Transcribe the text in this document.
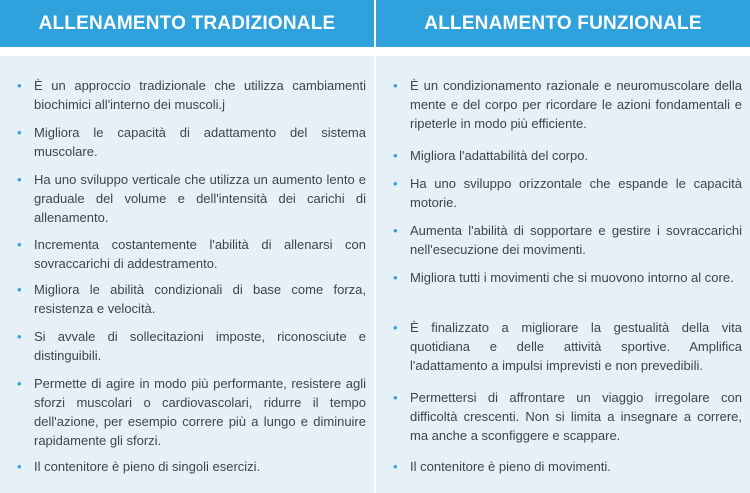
ALLENAMENTO TRADIZIONALE
• È un approccio tradizionale che utilizza cambiamenti biochimici all'interno dei muscoli.j
• Migliora le capacità di adattamento del sistema muscolare.
• Ha uno sviluppo verticale che utilizza un aumento lento e graduale del volume e dell'intensità dei carichi di allenamento.
• Incrementa costantemente l'abilità di allenarsi con sovraccarichi di addestramento.
• Migliora le abilità condizionali di base come forza, resistenza e velocità.
• Si avvale di sollecitazioni imposte, riconosciute e distinguibili.
• Permette di agire in modo più performante, resistere agli sforzi muscolari o cardiovascolari, ridurre il tempo dell'azione, per esempio correre più a lungo e diminuire rapidamente gli sforzi.
• Il contenitore è pieno di singoli esercizi.
ALLENAMENTO FUNZIONALE
• È un condizionamento razionale e neuromuscolare della mente e del corpo per ricordare le azioni fondamentali e ripeterle in modo più efficiente.
• Migliora l'adattabilità del corpo.
• Ha uno sviluppo orizzontale che espande le capacità motorie.
• Aumenta l'abilità di sopportare e gestire i sovraccarichi nell'esecuzione dei movimenti.
• Migliora tutti i movimenti che si muovono intorno al core.
• È finalizzato a migliorare la gestualità della vita quotidiana e delle attività sportive. Amplifica l'adattamento a impulsi imprevisti e non prevedibili.
• Permettersi di affrontare un viaggio irregolare con difficoltà crescenti. Non si limita a insegnare a correre, ma anche a sconfiggere e scappare.
• Il contenitore è pieno di movimenti.
